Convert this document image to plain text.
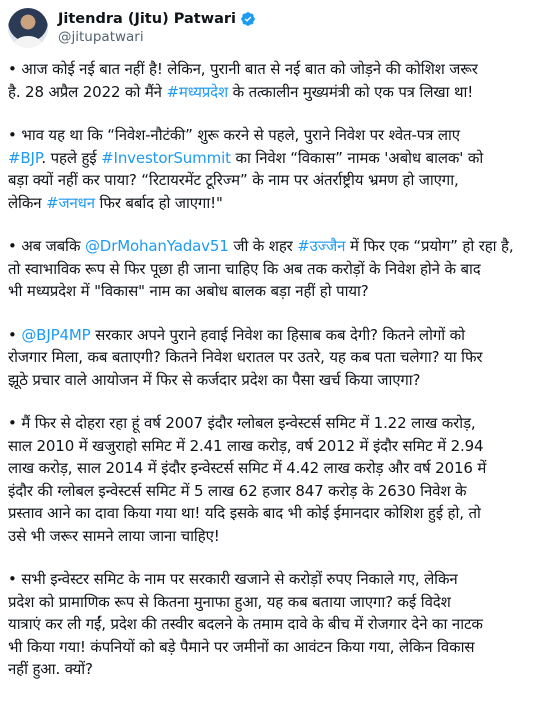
Jitendra (Jitu) Patwari
@jitupatwari
• आज कोई नई बात नहीं है! लेकिन, पुरानी बात से नई बात को जोड़ने की कोशिश जरूर
है. 28 अप्रैल 2022 को मैंने #मध्यप्रदेश के तत्कालीन मुख्यमंत्री को एक पत्र लिखा था!
• भाव यह था कि “निवेश-नौटंकी” शुरू करने से पहले, पुराने निवेश पर श्वेत-पत्र लाए
#BJP. पहले हुई #InvestorSummit का निवेश “विकास” नामक 'अबोध बालक' को
बड़ा क्यों नहीं कर पाया? “रिटायरमेंट टूरिज्म” के नाम पर अंतर्राष्ट्रीय भ्रमण हो जाएगा,
लेकिन #जनधन फिर बर्बाद हो जाएगा!"
• अब जबकि @DrMohanYadav51 जी के शहर #उज्जैन में फिर एक “प्रयोग” हो रहा है,
तो स्वाभाविक रूप से फिर पूछा ही जाना चाहिए कि अब तक करोड़ों के निवेश होने के बाद
भी मध्यप्रदेश में "विकास" नाम का अबोध बालक बड़ा नहीं हो पाया?
• @BJP4MP सरकार अपने पुराने हवाई निवेश का हिसाब कब देगी? कितने लोगों को
रोजगार मिला, कब बताएगी? कितने निवेश धरातल पर उतरे, यह कब पता चलेगा? या फिर
झूठे प्रचार वाले आयोजन में फिर से कर्जदार प्रदेश का पैसा खर्च किया जाएगा?
• मैं फिर से दोहरा रहा हूं वर्ष 2007 इंदौर ग्लोबल इन्वेस्टर्स समिट में 1.22 लाख करोड़,
साल 2010 में खजुराहो समिट में 2.41 लाख करोड़, वर्ष 2012 में इंदौर समिट में 2.94
लाख करोड़, साल 2014 में इंदौर इन्वेस्टर्स समिट में 4.42 लाख करोड़ और वर्ष 2016 में
इंदौर की ग्लोबल इन्वेस्टर्स समिट में 5 लाख 62 हजार 847 करोड़ के 2630 निवेश के
प्रस्ताव आने का दावा किया गया था! यदि इसके बाद भी कोई ईमानदार कोशिश हुई हो, तो
उसे भी जरूर सामने लाया जाना चाहिए!
• सभी इन्वेस्टर समिट के नाम पर सरकारी खजाने से करोड़ों रुपए निकाले गए, लेकिन
प्रदेश को प्रामाणिक रूप से कितना मुनाफा हुआ, यह कब बताया जाएगा? कई विदेश
यात्राएं कर ली गईं, प्रदेश की तस्वीर बदलने के तमाम दावे के बीच में रोजगार देने का नाटक
भी किया गया! कंपनियों को बड़े पैमाने पर जमीनों का आवंटन किया गया, लेकिन विकास
नहीं हुआ. क्यों?
